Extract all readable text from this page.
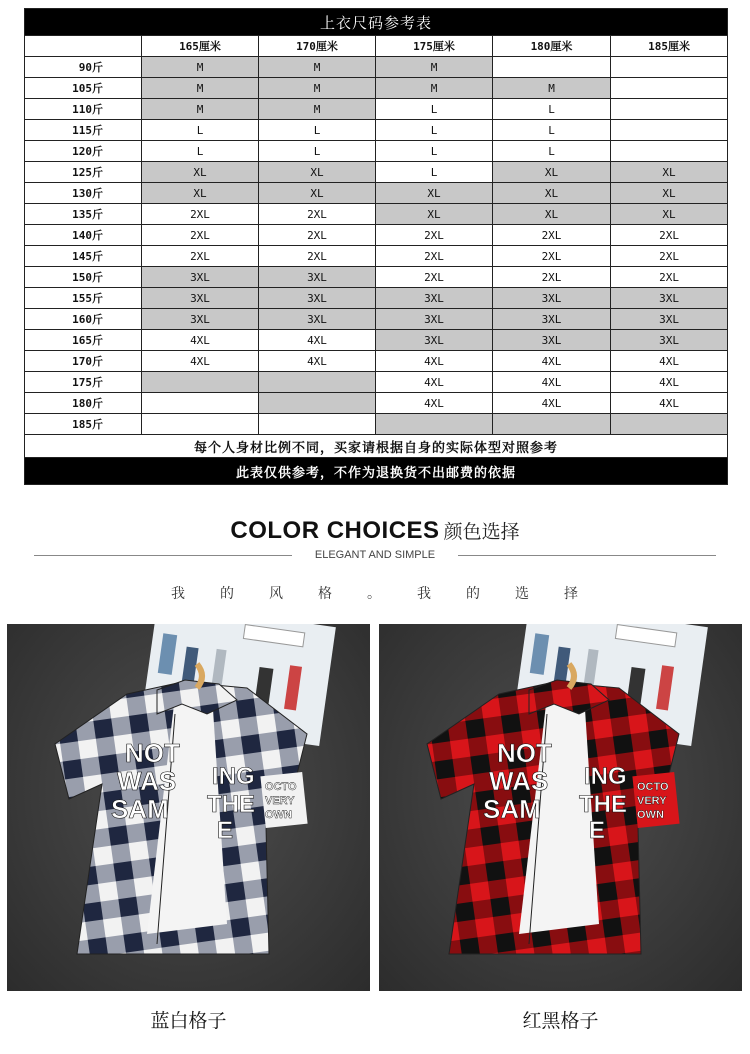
上衣尺码参考表					
	165厘米	170厘米	175厘米	180厘米	185厘米
90斤	M	M	M		
105斤	M	M	M	M	
110斤	M	M	L	L	
115斤	L	L	L	L	
120斤	L	L	L	L	
125斤	XL	XL	L	XL	XL
130斤	XL	XL	XL	XL	XL
135斤	2XL	2XL	XL	XL	XL
140斤	2XL	2XL	2XL	2XL	2XL
145斤	2XL	2XL	2XL	2XL	2XL
150斤	3XL	3XL	2XL	2XL	2XL
155斤	3XL	3XL	3XL	3XL	3XL
160斤	3XL	3XL	3XL	3XL	3XL
165斤	4XL	4XL	3XL	3XL	3XL
170斤	4XL	4XL	4XL	4XL	4XL
175斤			4XL	4XL	4XL
180斤			4XL	4XL	4XL
185斤					
每个人身材比例不同，买家请根据自身的实际体型对照参考					
此表仅供参考，不作为退换货不出邮费的依据					
COLOR CHOICES 颜色选择
ELEGANT AND SIMPLE
我	的	风	格	。	我	的	选	择
NOT
WAS
SAM
ING
THE
E
OCTO
VERY
OWN
NOT
WAS
SAM
ING
THE
E
OCTO
VERY
OWN
蓝白格子	红黑格子
